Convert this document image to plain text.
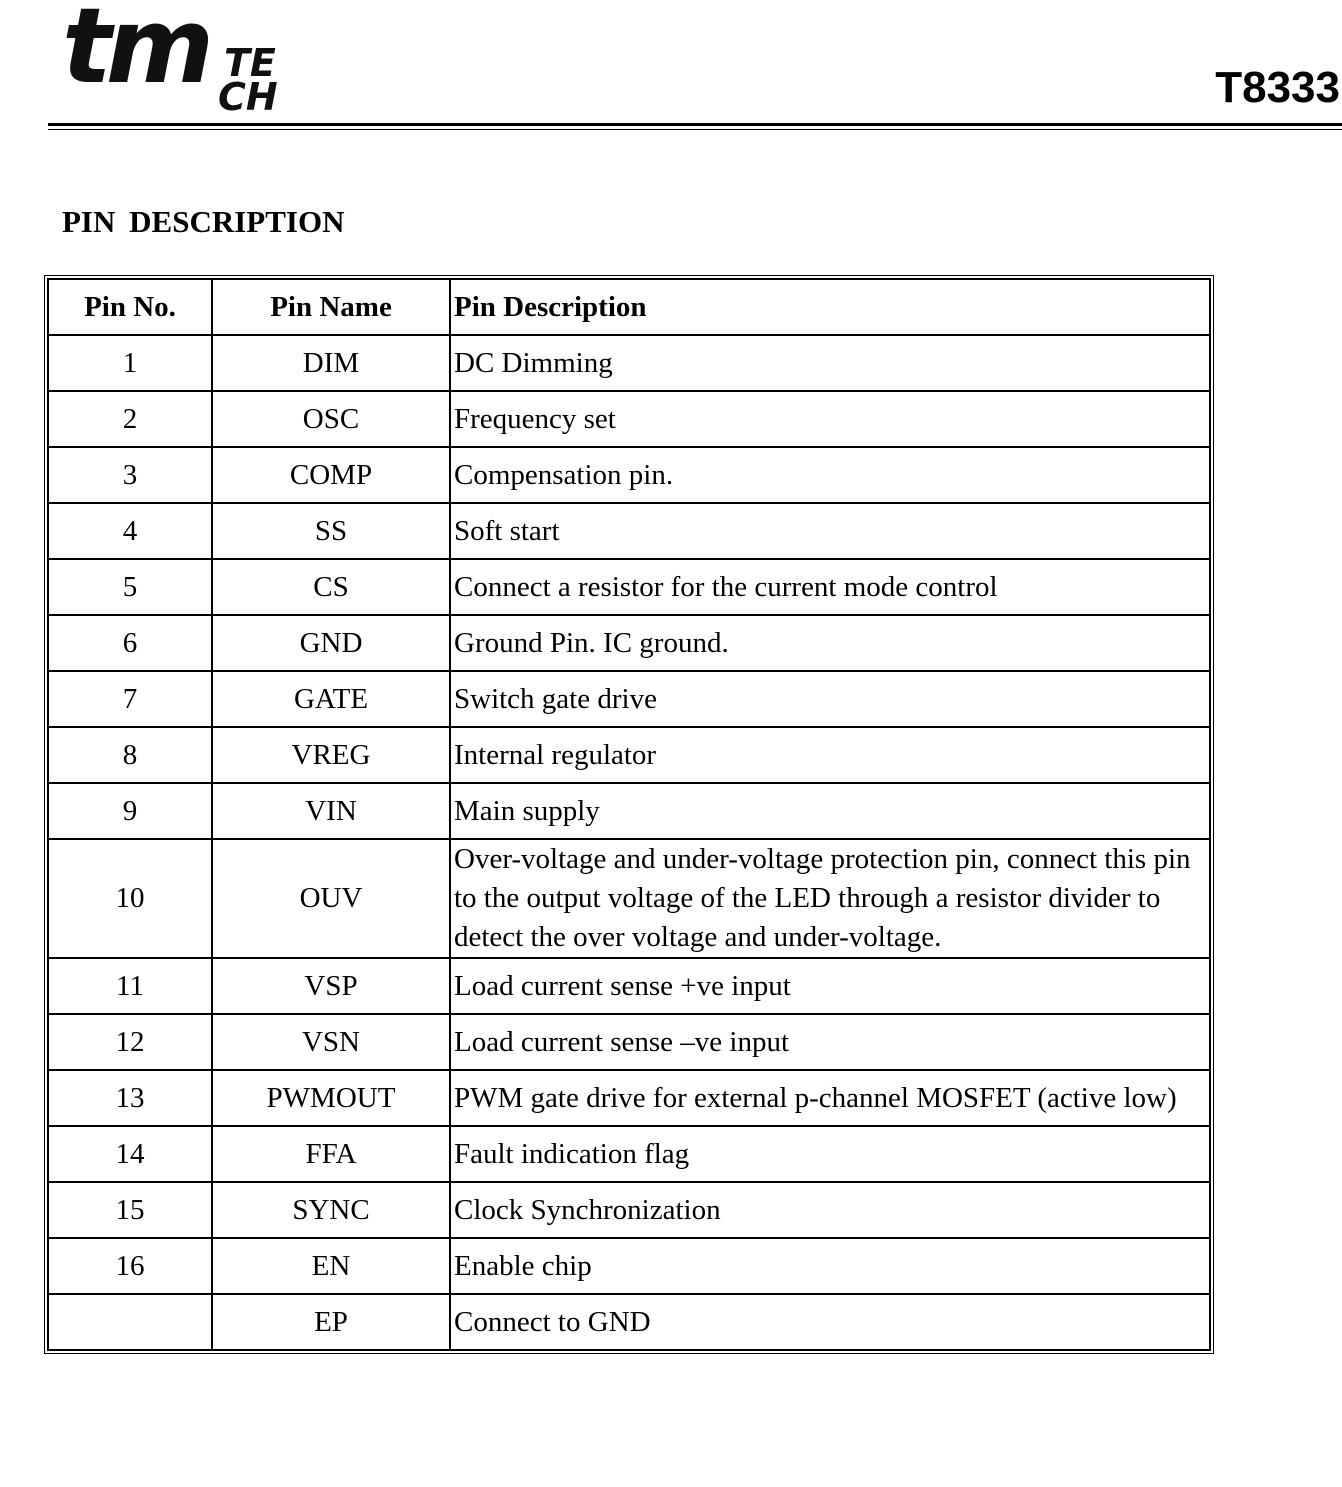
tm TE
CH	T8333
PIN DESCRIPTION
Pin No.	Pin Name	Pin Description
1	DIM	DC Dimming
2	OSC	Frequency set
3	COMP	Compensation pin.
4	SS	Soft start
5	CS	Connect a resistor for the current mode control
6	GND	Ground Pin. IC ground.
7	GATE	Switch gate drive
8	VREG	Internal regulator
9	VIN	Main supply
10	OUV	Over-voltage and under-voltage protection pin, connect this pin to the output voltage of the LED through a resistor divider to detect the over voltage and under-voltage.
11	VSP	Load current sense +ve input
12	VSN	Load current sense –ve input
13	PWMOUT	PWM gate drive for external p-channel MOSFET (active low)
14	FFA	Fault indication flag
15	SYNC	Clock Synchronization
16	EN	Enable chip
	EP	Connect to GND
